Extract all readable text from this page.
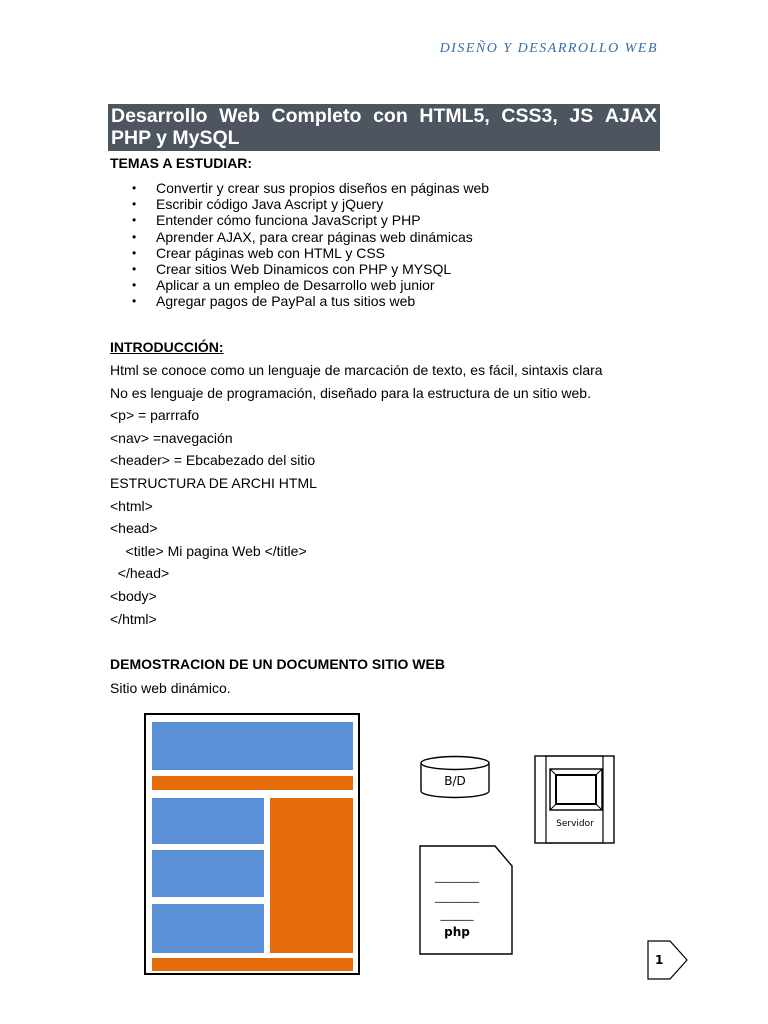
DISEÑO Y DESARROLLO WEB
Desarrollo Web Completo con HTML5, CSS3, JS AJAX
PHP y MySQL
TEMAS A ESTUDIAR:
• Convertir y crear sus propios diseños en páginas web
• Escribir código Java Ascript y jQuery
• Entender cómo funciona JavaScript y PHP
• Aprender AJAX, para crear páginas web dinámicas
• Crear páginas web con HTML y CSS
• Crear sitios Web Dinamicos con PHP y MYSQL
• Aplicar a un empleo de Desarrollo web junior
• Agregar pagos de PayPal a tus sitios web
INTRODUCCIÓN:
Html se conoce como un lenguaje de marcación de texto, es fácil, sintaxis clara
No es lenguaje de programación, diseñado para la estructura de un sitio web.
<p> = parrrafo
<nav> =navegación
<header> = Ebcabezado del sitio
ESTRUCTURA DE ARCHI HTML
<html>
<head>
<title> Mi pagina Web </title>
</head>
<body>
</html>
DEMOSTRACION DE UN DOCUMENTO SITIO WEB
Sitio web dinámico.
B/D
Servidor
________
________
______
php
1
